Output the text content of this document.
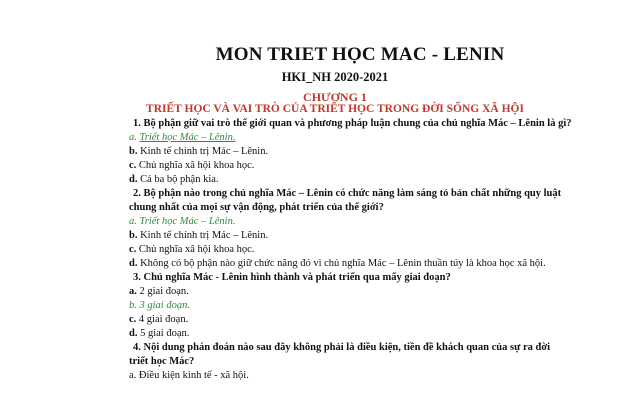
MON TRIET HỌC MAC - LENIN
HKI_NH 2020-2021
CHƯƠNG 1
TRIẾT HỌC VÀ VAI TRÒ CỦA TRIẾT HỌC TRONG ĐỜI SỐNG XÃ HỘI
1. Bộ phận giữ vai trò thế giới quan và phương pháp luận chung của chủ nghĩa Mác – Lênin là gì?
a. Triết học Mác – Lênin.
b. Kinh tế chính trị Mác – Lênin.
c. Chủ nghĩa xã hội khoa học.
d. Cả ba bộ phận kia.
2. Bộ phận nào trong chủ nghĩa Mác – Lênin có chức năng làm sáng tỏ bản chất những quy luật
chung nhất của mọi sự vận động, phát triển của thế giới?
a. Triết học Mác – Lênin.
b. Kinh tế chính trị Mác – Lênin.
c. Chủ nghĩa xã hội khoa học.
d. Không có bộ phận nào giữ chức năng đó vì chủ nghĩa Mác – Lênin thuần túy là khoa học xã hội.
3. Chủ nghĩa Mác - Lênin hình thành và phát triển qua mấy giai đoạn?
a. 2 giai đoạn.
b. 3 giai đoạn.
c. 4 giai đoạn.
d. 5 giai đoạn.
4. Nội dung phán đoán nào sau đây không phải là điều kiện, tiền đề khách quan của sự ra đời
triết học Mác?
a. Điều kiện kinh tế - xã hội.
